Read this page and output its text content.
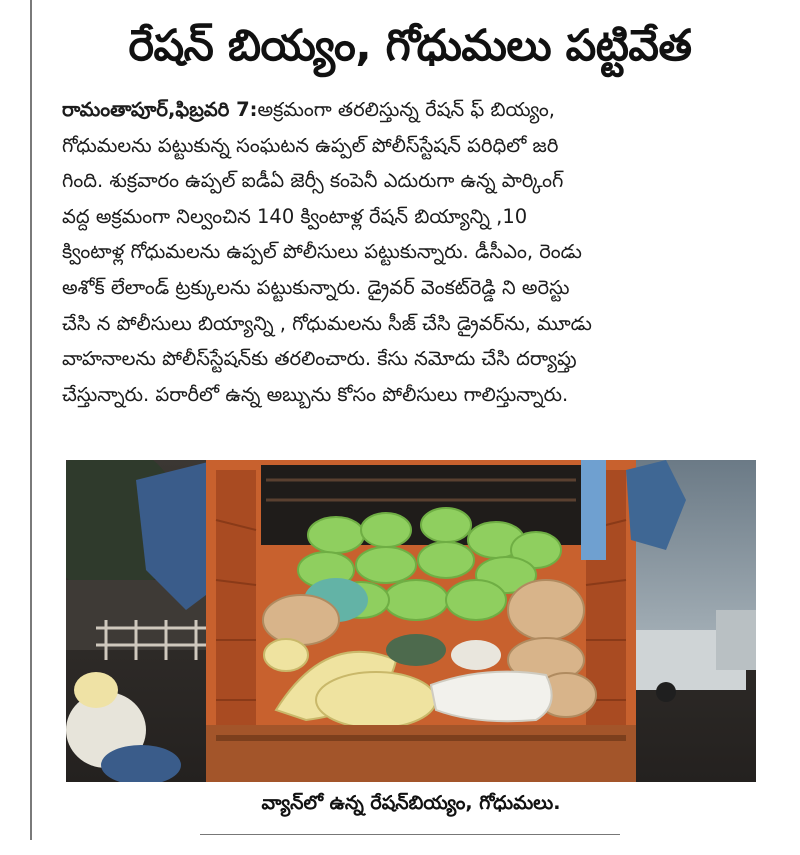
రేషన్ బియ్యం, గోధుమలు పట్టివేత
రామంతాపూర్,ఫిబ్రవరి 7:అక్రమంగా తరలిస్తున్న రేషన్ ఫ్ బియ్యం,
గోధుమలను పట్టుకున్న సంఘటన ఉప్పల్ పోలీస్‌స్టేషన్ పరిధిలో జరి
గింది. శుక్రవారం ఉప్పల్ ఐడీఏ జెర్సీ కంపెనీ ఎదురుగా ఉన్న పార్కింగ్
వద్ద అక్రమంగా నిల్వంచిన 140 క్వింటాళ్ల రేషన్ బియ్యాన్ని ,10
క్వింటాళ్ల గోధుమలను ఉప్పల్ పోలీసులు పట్టుకున్నారు. డీసీఎం, రెండు
అశోక్ లేలాండ్ ట్రక్కులను పట్టుకున్నారు. డ్రైవర్ వెంకట్‌రెడ్డి ని అరెస్టు
చేసి న పోలీసులు బియ్యాన్ని , గోధుమలను సీజ్ చేసి డ్రైవర్‌ను, మూడు
వాహనాలను పోలీస్‌స్టేషన్‌కు తరలించారు. కేసు నమోదు చేసి దర్యాప్తు
చేస్తున్నారు. పరారీలో ఉన్న అబ్బును కోసం పోలీసులు గాలిస్తున్నారు.
వ్యాన్‌లో ఉన్న రేషన్‌బియ్యం, గోధుమలు.
